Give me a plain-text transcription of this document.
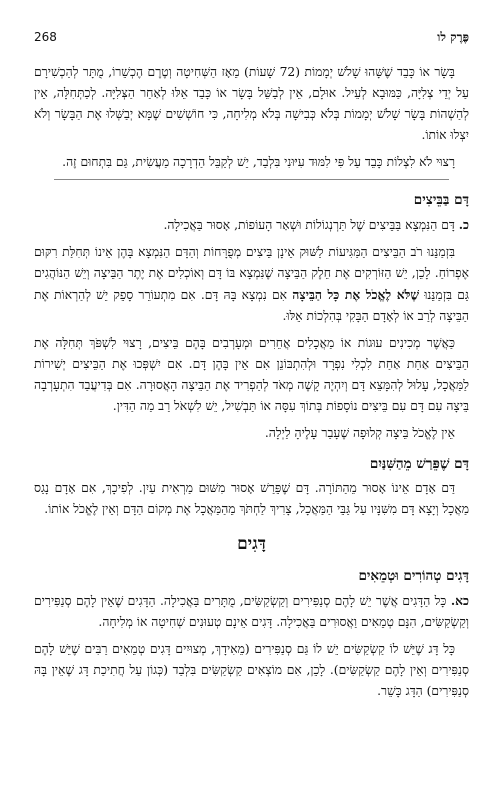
268	פֶּרֶק לו

בָּשָׂר אוֹ כָּבֵד שֶׁשָּׁהוּ שָׁלֹשׁ יְמָמוֹת (72 שָׁעוֹת) מֵאָז הַשְּׁחִיטָה וְטֶרֶם הֶכְשֵׁרוֹ, מֻתָּר לְהַכְשִׁירָם עַל יְדֵי צְלִיָּה, כַּמּוּבָא לְעֵיל. אוּלָם, אֵין לְבַשֵּׁל בָּשָׂר אוֹ כָּבֵד אֵלּוּ לְאַחַר הַצְּלִיָּה. לְכַתְּחִלָּה, אֵין לְהַשְׁהוֹת בָּשָׂר שָׁלֹשׁ יְמָמוֹת בְּלֹא כְּבִישָׁה בְּלֹא מְלִיחָה, כִּי חוֹשְׁשִׁים שֶׁמָּא יְבַשְּׁלוּ אֶת הַבָּשָׂר וְלֹא יִצְלוּ אוֹתוֹ.

רָצוּי לֹא לִצְלוֹת כָּבֵד עַל פִּי לִמּוּד עִיּוּנִי בִּלְבַד, יֵשׁ לְקַבֵּל הַדְרָכָה מַעֲשִׂית, גַּם בִּתְחוּם זֶה.

דָּם בַּבֵּיצִים

כ. דָּם הַנִּמְצָא בַּבֵּיצִים שֶׁל תַּרְנְגוֹלוֹת וּשְׁאַר הָעוֹפוֹת, אָסוּר בַּאֲכִילָה.

בִּזְמַנֵּנוּ רֹב הַבֵּיצִים הַמַּגִּיעוֹת לַשּׁוּק אֵינָן בֵּיצִים מְפֻרָּחוֹת וְהַדָּם הַנִּמְצָא בָּהֶן אֵינוֹ תְּחִלַּת רִקּוּם אֶפְרוֹחַ. לָכֵן, יֵשׁ הַזּוֹרְקִים אֶת חֵלֶק הַבֵּיצָה שֶׁנִּמְצָא בּוֹ דָּם וְאוֹכְלִים אֶת יֶתֶר הַבֵּיצָה וְיֵשׁ הַנּוֹהֲגִים גַּם בִּזְמַנֵּנוּ שֶׁלֹּא לֶאֱכֹל אֶת כָּל הַבֵּיצָה אִם נִמְצָא בָּהּ דָּם. אִם מִתְעוֹרֵר סָפֵק יֵשׁ לְהַרְאוֹת אֶת הַבֵּיצָה לְרַב אוֹ לְאָדָם הַבָּקִי בְּהִלְכוֹת אֵלּוּ.

כַּאֲשֶׁר מְכִינִים עוּגוֹת אוֹ מַאֲכָלִים אֲחֵרִים וּמְעָרְבִים בָּהֶם בֵּיצִים, רָצוּי לִשְׁפֹּךְ תְּחִלָּה אֶת הַבֵּיצִים אַחַת אַחַת לִכְלִי נִפְרָד וּלְהִתְבּוֹנֵן אִם אֵין בָּהֶן דָּם. אִם יִשְׁפְּכוּ אֶת הַבֵּיצִים יְשִׁירוֹת לַמַּאֲכָל, עָלוּל לְהִמָּצֵא דָּם וְיִהְיֶה קָשֶׁה מְאֹד לְהַפְרִיד אֶת הַבֵּיצָה הָאֲסוּרָה. אִם בְּדִיעֲבַד הִתְעָרְבָה בֵּיצָה עִם דָּם עִם בֵּיצִים נוֹסָפוֹת בְּתוֹךְ עִסָּה אוֹ תַּבְשִׁיל, יֵשׁ לִשְׁאֹל רַב מַה הַדִּין.

אֵין לֶאֱכֹל בֵּיצָה קְלוּפָה שֶׁעָבַר עָלֶיהָ לַיְלָה.

דָּם שֶׁפֵּרַשׁ מֵהַשִּׁנַּיִם

דַּם אָדָם אֵינוֹ אָסוּר מֵהַתּוֹרָה. דָּם שֶׁפֵּרַשׁ אָסוּר מִשּׁוּם מַרְאִית עַיִן. לְפִיכָךְ, אִם אָדָם נָגַס מַאֲכָל וְיָצָא דָּם מִשִּׁנָּיו עַל גַּבֵּי הַמַּאֲכָל, צָרִיךְ לַחְתֹּךְ מֵהַמַּאֲכָל אֶת מְקוֹם הַדָּם וְאֵין לֶאֱכֹל אוֹתוֹ.

דָּגִים
דָּגִים טְהוֹרִים וּטְמֵאִים

כא. כָּל הַדָּגִים אֲשֶׁר יֵשׁ לָהֶם סְנַפִּירִים וְקַשְׂקַשִּׂים, מֻתָּרִים בַּאֲכִילָה. הַדָּגִים שֶׁאֵין לָהֶם סְנַפִּירִים וְקַשְׂקַשִּׂים, הִנָּם טְמֵאִים וַאֲסוּרִים בַּאֲכִילָה. דָּגִים אֵינָם טְעוּנִים שְׁחִיטָה אוֹ מְלִיחָה.

כָּל דָּג שֶׁיֵּשׁ לוֹ קַשְׂקַשִּׂים יֵשׁ לוֹ גַּם סְנַפִּירִים (מֵאִידָךְ, מְצוּיִים דָּגִים טְמֵאִים רַבִּים שֶׁיֵּשׁ לָהֶם סְנַפִּירִים וְאֵין לָהֶם קַשְׂקַשִּׂים). לָכֵן, אִם מוֹצְאִים קַשְׂקַשִּׂים בִּלְבַד (כְּגוֹן עַל חֲתִיכַת דָּג שֶׁאֵין בָּהּ סְנַפִּירִים) הַדָּג כָּשֵׁר.
